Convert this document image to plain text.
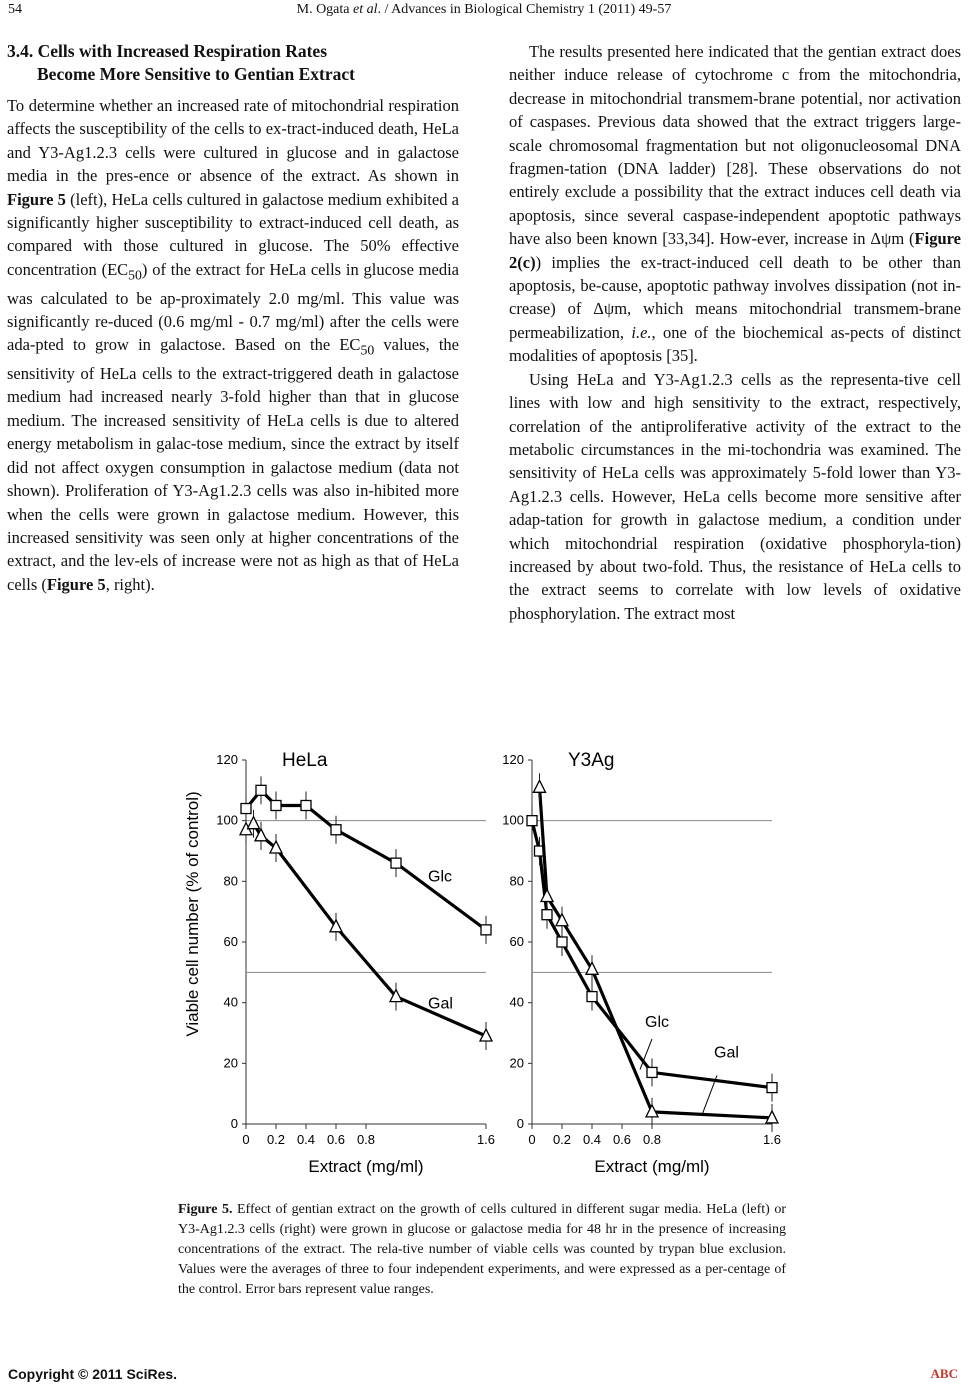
54	M. Ogata et al. / Advances in Biological Chemistry 1 (2011) 49-57
3.4. Cells with Increased Respiration Rates
Become More Sensitive to Gentian Extract

To determine whether an increased rate of mitochondrial respiration affects the susceptibility of the cells to ex-tract-induced death, HeLa and Y3-Ag1.2.3 cells were cultured in glucose and in galactose media in the pres-ence or absence of the extract. As shown in Figure 5 (left), HeLa cells cultured in galactose medium exhibited a significantly higher susceptibility to extract-induced cell death, as compared with those cultured in glucose. The 50% effective concentration $(EC_{50})$ of the extract for HeLa cells in glucose media was calculated to be ap-proximately 2.0 mg/ml. This value was significantly re-duced (0.6 mg/ml - 0.7 mg/ml) after the cells were ada-pted to grow in galactose. Based on the $EC_{50}$ values, the sensitivity of HeLa cells to the extract-triggered death in galactose medium had increased nearly 3-fold higher than that in glucose medium. The increased sensitivity of HeLa cells is due to altered energy metabolism in galac-tose medium, since the extract by itself did not affect oxygen consumption in galactose medium (data not shown). Proliferation of Y3-Ag1.2.3 cells was also in-hibited more when the cells were grown in galactose medium. However, this increased sensitivity was seen only at higher concentrations of the extract, and the lev-els of increase were not as high as that of HeLa cells (Figure 5, right).

The results presented here indicated that the gentian extract does neither induce release of cytochrome c from the mitochondria, decrease in mitochondrial transmem-brane potential, nor activation of caspases. Previous data showed that the extract triggers large-scale chromosomal fragmentation but not oligonucleosomal DNA fragmen-tation (DNA ladder) [28]. These observations do not entirely exclude a possibility that the extract induces cell death via apoptosis, since several caspase-independent apoptotic pathways have also been known [33,34]. How-ever, increase in Δψm (Figure 2(c)) implies the ex-tract-induced cell death to be other than apoptosis, be-cause, apoptotic pathway involves dissipation (not in-crease) of Δψm, which means mitochondrial transmem-brane permeabilization, i.e., one of the biochemical as-pects of distinct modalities of apoptosis [35].

Using HeLa and Y3-Ag1.2.3 cells as the representa-tive cell lines with low and high sensitivity to the extract, respectively, correlation of the antiproliferative activity of the extract to the metabolic circumstances in the mi-tochondria was examined. The sensitivity of HeLa cells was approximately 5-fold lower than Y3-Ag1.2.3 cells. However, HeLa cells become more sensitive after adap-tation for growth in galactose medium, a condition under which mitochondrial respiration (oxidative phosphoryla-tion) increased by about two-fold. Thus, the resistance of HeLa cells to the extract seems to correlate with low levels of oxidative phosphorylation. The extract most

Viable cell number (% of control)
0
20
40
60
80
100
120
0 0.2 0.4 0.6 0.8	1.6
HeLa
Extract (mg/ml)
Glc
Gal
0
20
40
60
80
100
120
0 0.2 0.4 0.6 0.8	1.6
Y3Ag
Extract (mg/ml)
Glc
Gal
Figure 5. Effect of gentian extract on the growth of cells cultured in different sugar media. HeLa (left) or Y3-Ag1.2.3 cells (right) were grown in glucose or galactose media for 48 hr in the presence of increasing concentrations of the extract. The rela-tive number of viable cells was counted by trypan blue exclusion. Values were the averages of three to four independent experiments, and were expressed as a per-centage of the control. Error bars represent value ranges.
Copyright © 2011 SciRes.	ABC
